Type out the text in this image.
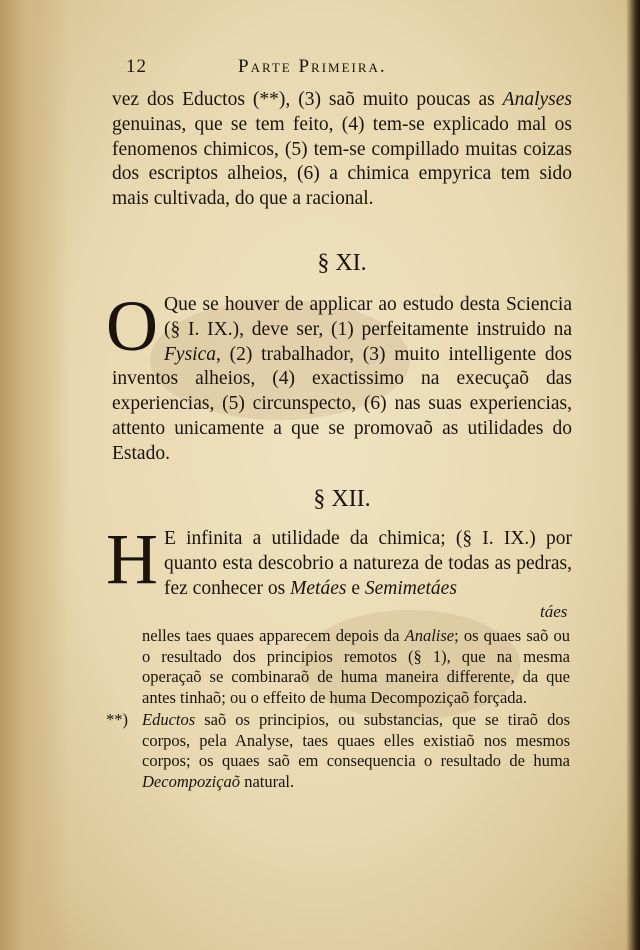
12	Parte Primeira.
vez dos Eductos (**), (3) saõ muito poucas as Analyses genuinas, que se tem feito, (4) tem-se explicado mal os fenomenos chimicos, (5) tem-se compillado muitas coizas dos escriptos alheios, (6) a chimica empyrica tem sido mais cultivada, do que a racional.
§ XI.
O Que se houver de applicar ao estudo desta Sciencia (§ I. IX.), deve ser, (1) perfeitamente instruido na Fysica, (2) trabalhador, (3) muito intelligente dos inventos alheios, (4) exactissimo na execuçaõ das experiencias, (5) circunspecto, (6) nas suas experiencias, attento unicamente a que se promovaõ as utilidades do Estado.
§ XII.
H E infinita a utilidade da chimica; (§ I. IX.) por quanto esta descobrio a natureza de todas as pedras, fez conhecer os Metáes e Semimetáes
táes
nelles taes quaes apparecem depois da Analise; os quaes saõ ou o resultado dos principios remotos (§ 1), que na mesma operaçaõ se combinaraõ de huma maneira differente, da que antes tinhaõ; ou o effeito de huma Decompoziçaõ forçada.
**) Eductos saõ os principios, ou substancias, que se tiraõ dos corpos, pela Analyse, taes quaes elles existiaõ nos mesmos corpos; os quaes saõ em consequencia o resultado de huma Decompoziçaõ natural.
